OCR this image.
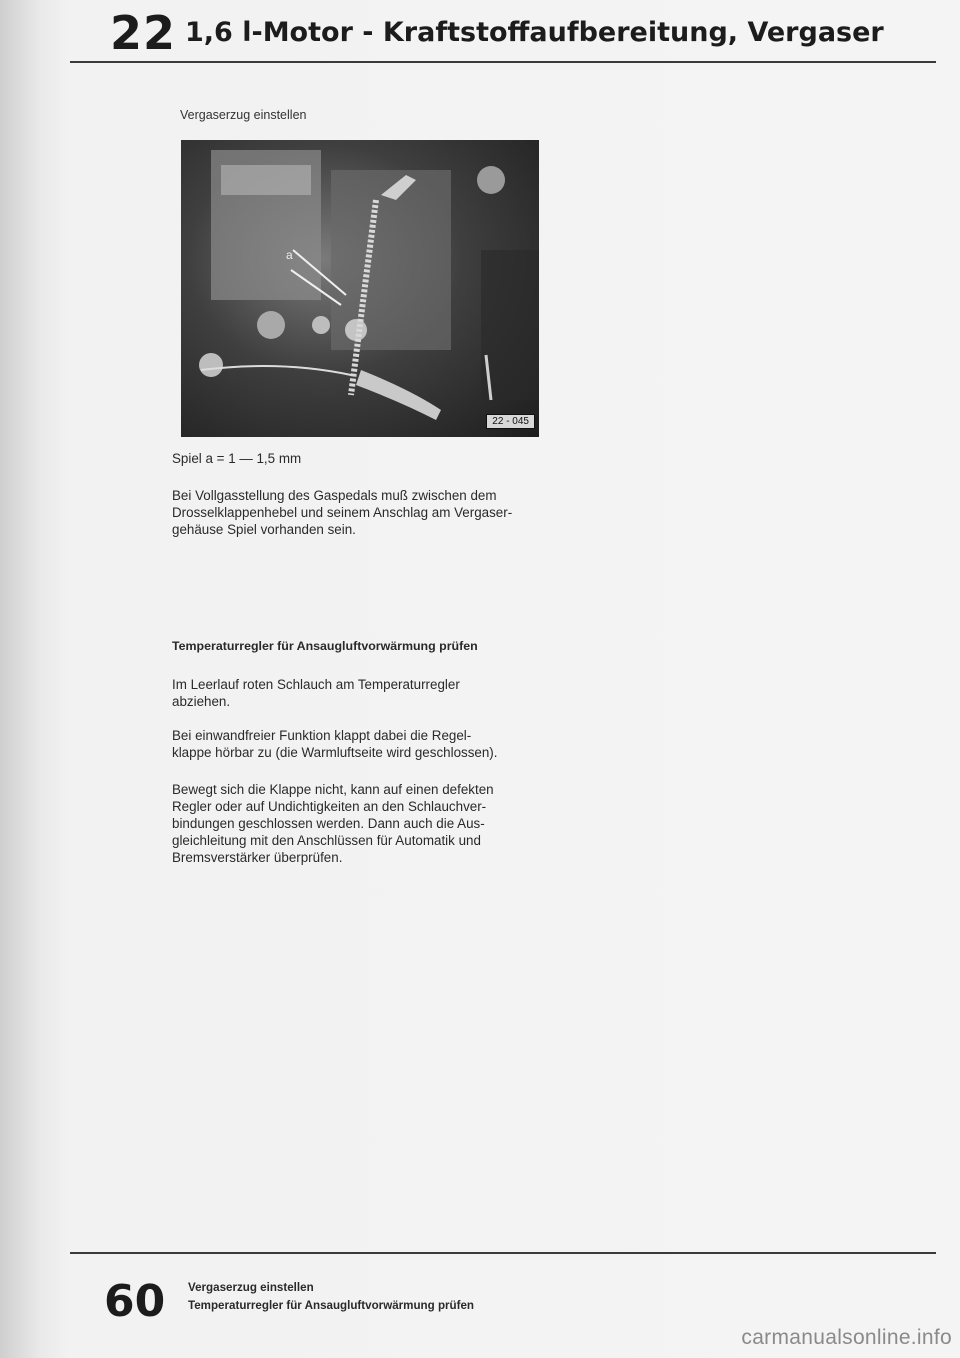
22 1,6 l-Motor - Kraftstoffaufbereitung, Vergaser
Vergaserzug einstellen
a
22 - 045

Spiel a = 1 — 1,5 mm

Bei Vollgasstellung des Gaspedals muß zwischen dem

Drosselklappenhebel und seinem Anschlag am Vergaser-

gehäuse Spiel vorhanden sein.

Temperaturregler für Ansaugluftvorwärmung prüfen

Im Leerlauf roten Schlauch am Temperaturregler

abziehen.

Bei einwandfreier Funktion klappt dabei die Regel-

klappe hörbar zu (die Warmluftseite wird geschlossen).

Bewegt sich die Klappe nicht, kann auf einen defekten

Regler oder auf Undichtigkeiten an den Schlauchver-

bindungen geschlossen werden. Dann auch die Aus-

gleichleitung mit den Anschlüssen für Automatik und

Bremsverstärker überprüfen.

60 Vergaserzug einstellen
Temperaturregler für Ansaugluftvorwärmung prüfen
carmanualsonline.info
